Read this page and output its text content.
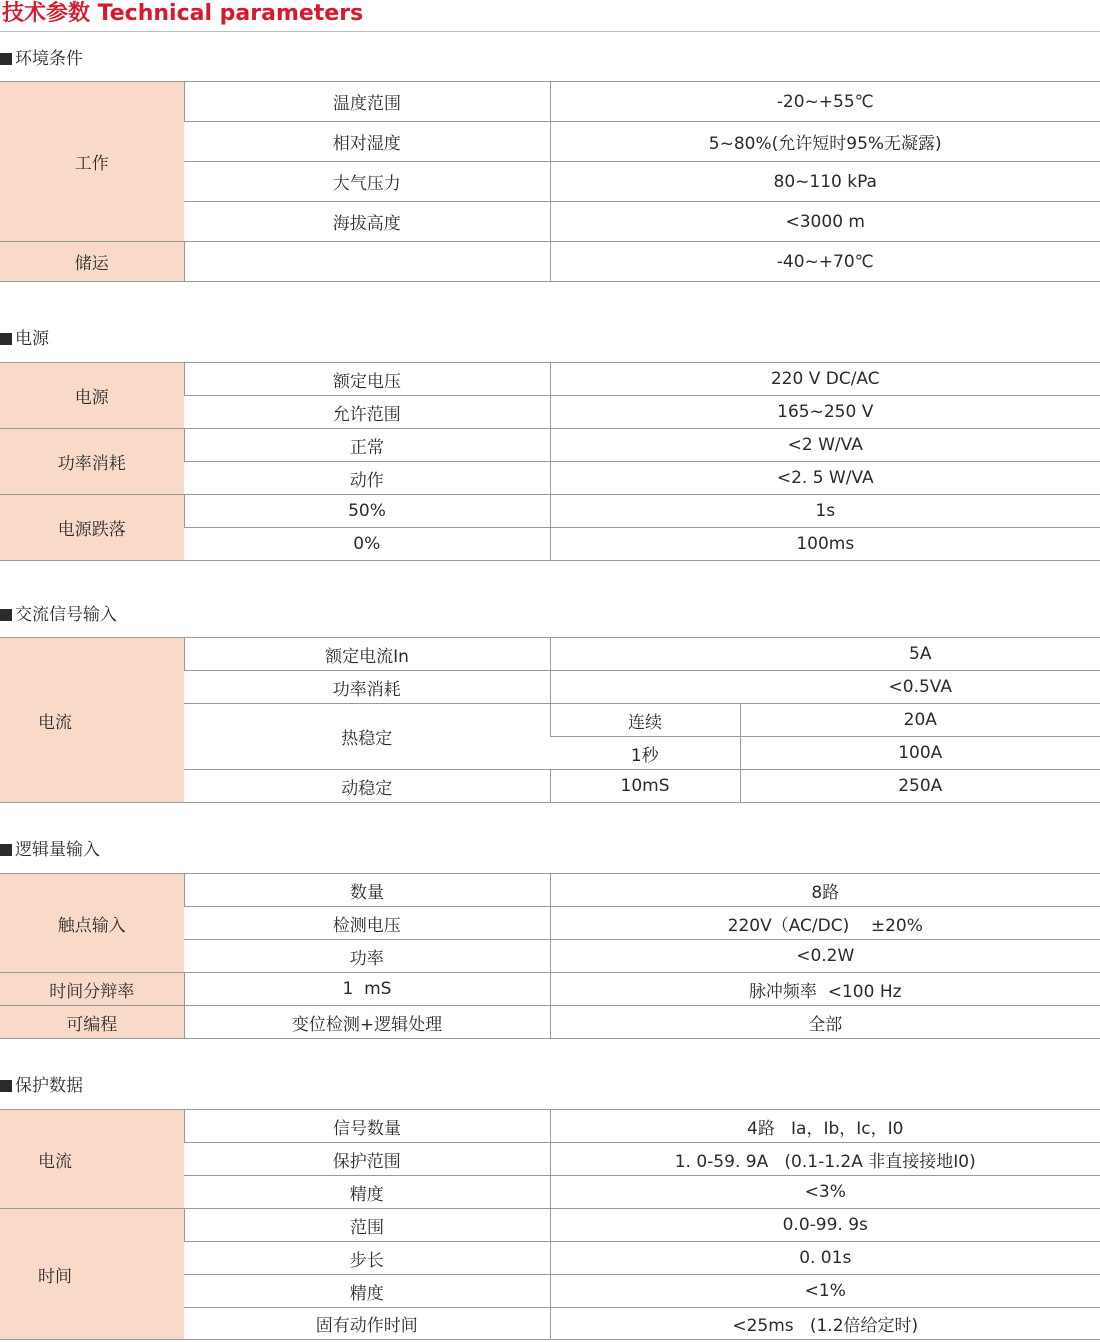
技术参数 Technical parameters
环境条件
工作	温度范围	-20~+55℃
	相对湿度	5~80%(允许短时95%无凝露)
	大气压力	80~110 kPa
	海拔高度	<3000 m
储运		-40~+70℃
电源
电源	额定电压	220 V DC/AC
	允许范围	165~250 V
功率消耗	正常	<2 W/VA
	动作	<2. 5 W/VA
电源跌落	50%	1s
	0%	100ms
交流信号输入
电流	额定电流In	5A	
	功率消耗	<0.5VA	
	热稳定	连续	20A
		1秒	100A
	动稳定	10mS	250A
逻辑量输入
触点输入	数量	8路
	检测电压	220V（AC/DC)    ±20%
	功率	<0.2W
时间分辩率	1  mS	脉冲频率  <100 Hz
可编程	变位检测+逻辑处理	全部
保护数据
电流	信号数量	4路   Ia，Ib，Ic，I0
	保护范围	1. 0-59. 9A   (0.1-1.2A 非直接接地I0)
	精度	<3%
时间	范围	0.0-99. 9s
	步长	0. 01s
	精度	<1%
	固有动作时间	<25ms   (1.2倍给定时)
